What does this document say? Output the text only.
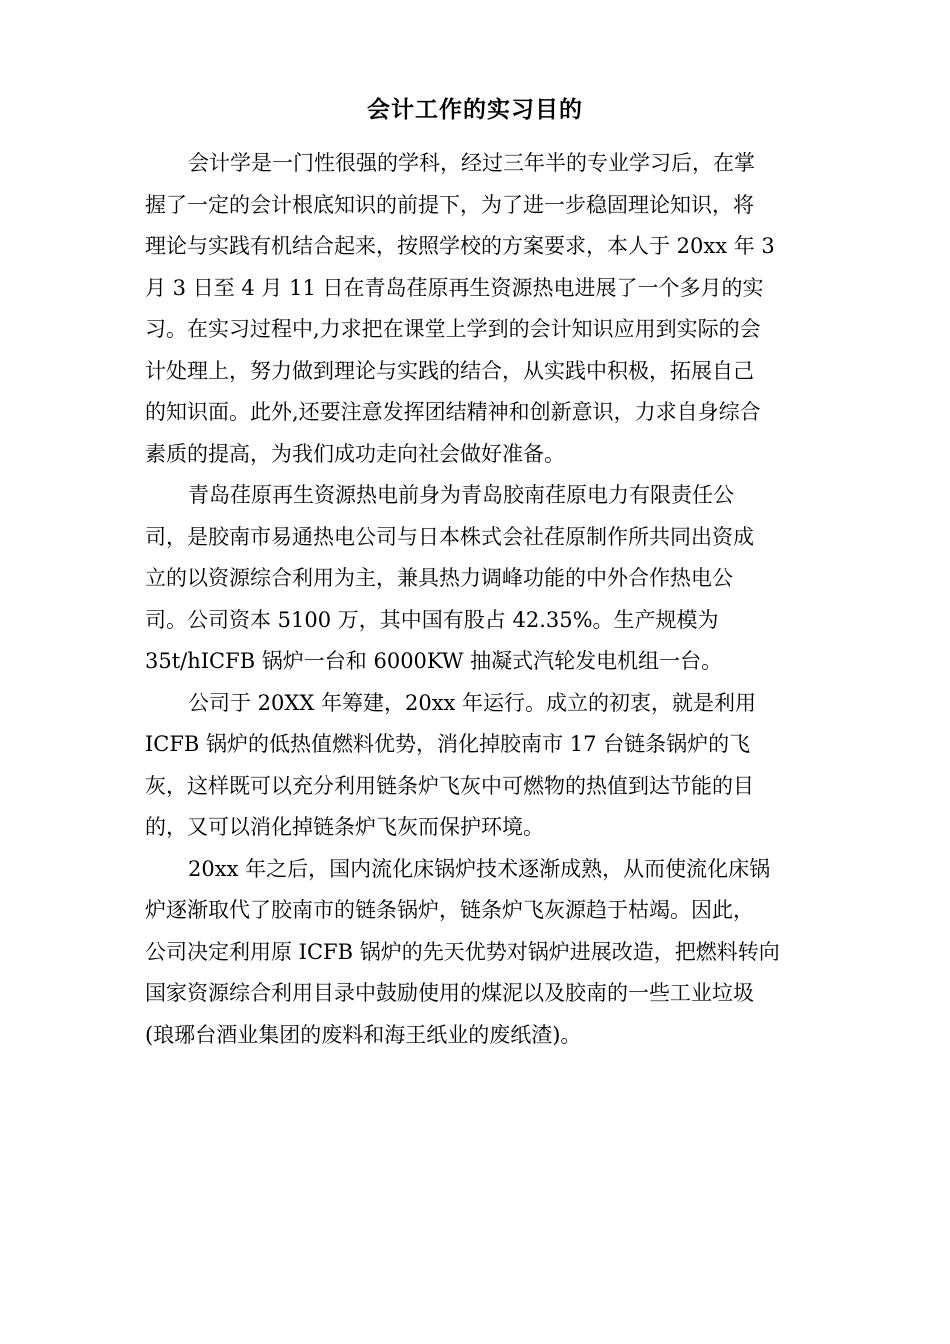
会计工作的实习目的
会计学是一门性很强的学科，经过三年半的专业学习后，在掌
握了一定的会计根底知识的前提下，为了进一步稳固理论知识，将
理论与实践有机结合起来，按照学校的方案要求，本人于 20xx 年 3
月 3 日至 4 月 11 日在青岛荏原再生资源热电进展了一个多月的实
习。在实习过程中,力求把在课堂上学到的会计知识应用到实际的会
计处理上，努力做到理论与实践的结合，从实践中积极，拓展自己
的知识面。此外,还要注意发挥团结精神和创新意识，力求自身综合
素质的提高，为我们成功走向社会做好准备。
青岛荏原再生资源热电前身为青岛胶南荏原电力有限责任公
司，是胶南市易通热电公司与日本株式会社荏原制作所共同出资成
立的以资源综合利用为主，兼具热力调峰功能的中外合作热电公
司。公司资本 5100 万，其中国有股占 42.35%。生产规模为
35t/hICFB 锅炉一台和 6000KW 抽凝式汽轮发电机组一台。
公司于 20XX 年筹建，20xx 年运行。成立的初衷，就是利用
ICFB 锅炉的低热值燃料优势，消化掉胶南市 17 台链条锅炉的飞
灰，这样既可以充分利用链条炉飞灰中可燃物的热值到达节能的目
的，又可以消化掉链条炉飞灰而保护环境。
20xx 年之后，国内流化床锅炉技术逐渐成熟，从而使流化床锅
炉逐渐取代了胶南市的链条锅炉，链条炉飞灰源趋于枯竭。因此，
公司决定利用原 ICFB 锅炉的先天优势对锅炉进展改造，把燃料转向
国家资源综合利用目录中鼓励使用的煤泥以及胶南的一些工业垃圾
(琅琊台酒业集团的废料和海王纸业的废纸渣)。
